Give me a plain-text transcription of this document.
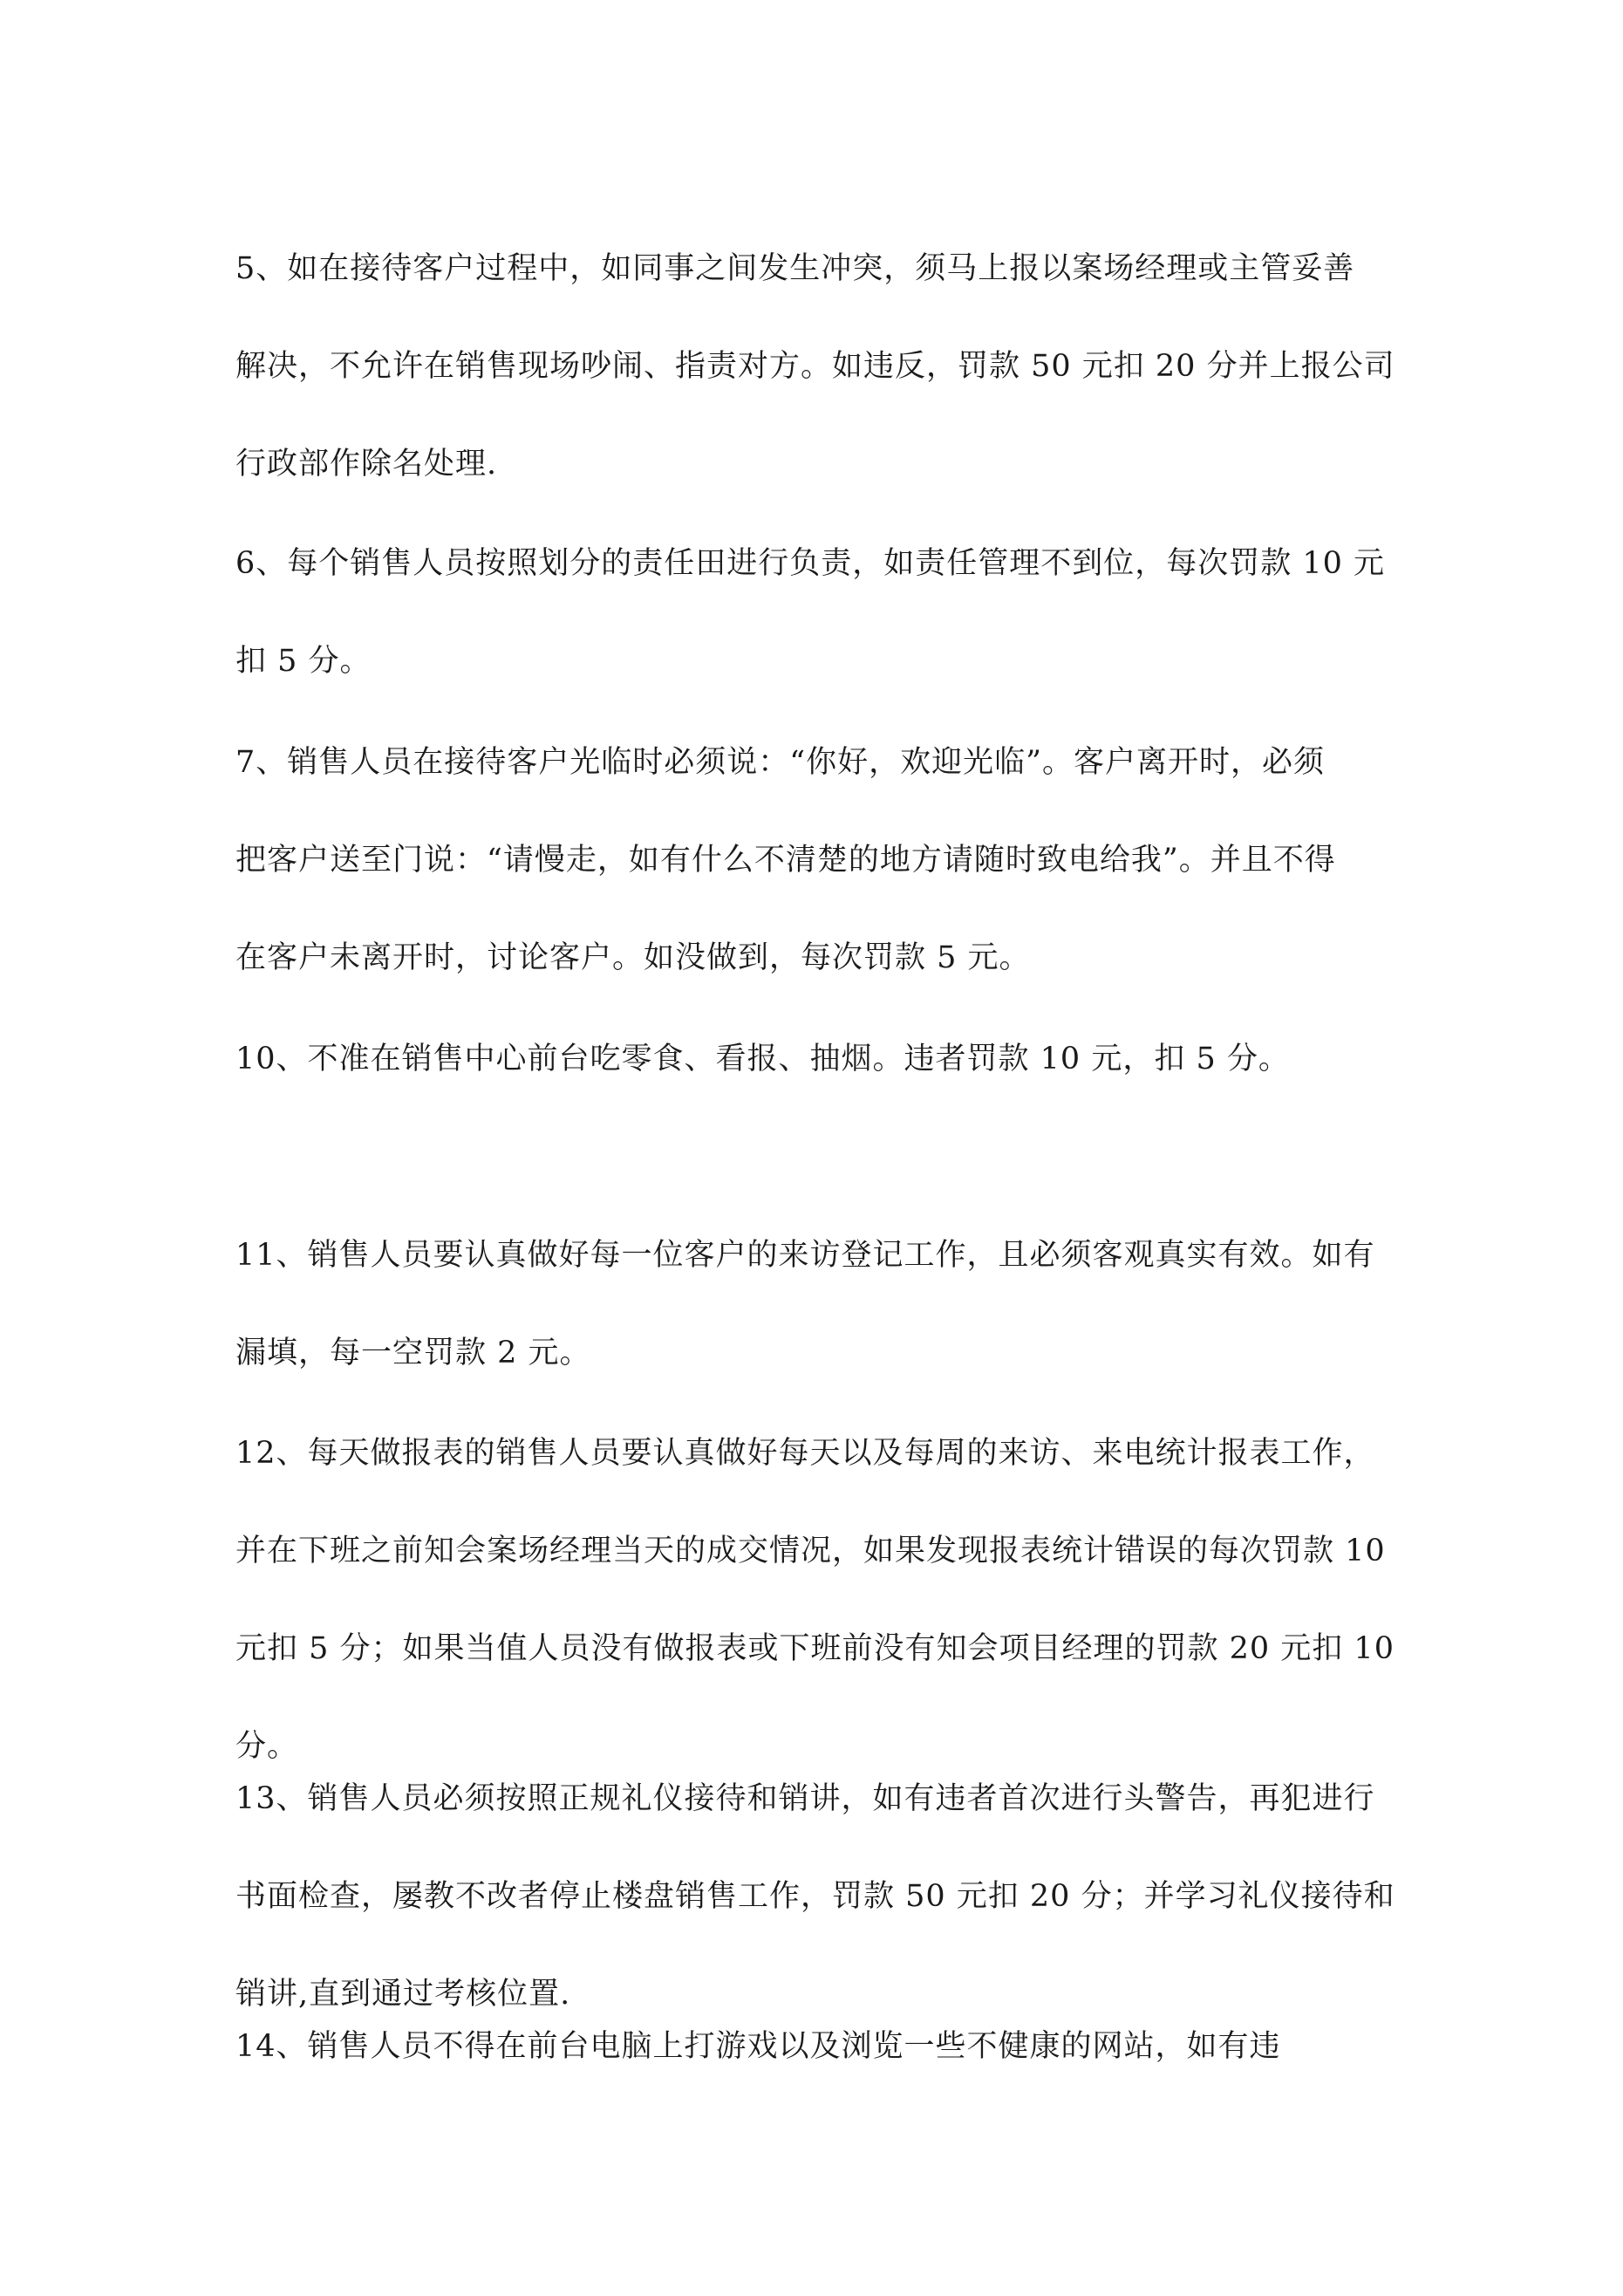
5、如在接待客户过程中，如同事之间发生冲突，须马上报以案场经理或主管妥善
解决，不允许在销售现场吵闹、指责对方。如违反，罚款 50 元扣 20 分并上报公司
行政部作除名处理.
6、每个销售人员按照划分的责任田进行负责，如责任管理不到位，每次罚款 10 元
扣 5 分。
7、销售人员在接待客户光临时必须说：“你好，欢迎光临”。客户离开时，必须
把客户送至门说：“请慢走，如有什么不清楚的地方请随时致电给我”。并且不得
在客户未离开时，讨论客户。如没做到，每次罚款 5 元。
10、不准在销售中心前台吃零食、看报、抽烟。违者罚款 10 元，扣 5 分。
11、销售人员要认真做好每一位客户的来访登记工作，且必须客观真实有效。如有
漏填，每一空罚款 2 元。
12、每天做报表的销售人员要认真做好每天以及每周的来访、来电统计报表工作，
并在下班之前知会案场经理当天的成交情况，如果发现报表统计错误的每次罚款 10
元扣 5 分；如果当值人员没有做报表或下班前没有知会项目经理的罚款 20 元扣 10
分。
13、销售人员必须按照正规礼仪接待和销讲，如有违者首次进行头警告，再犯进行
书面检查，屡教不改者停止楼盘销售工作，罚款 50 元扣 20 分；并学习礼仪接待和
销讲,直到通过考核位置.
14、销售人员不得在前台电脑上打游戏以及浏览一些不健康的网站，如有违
